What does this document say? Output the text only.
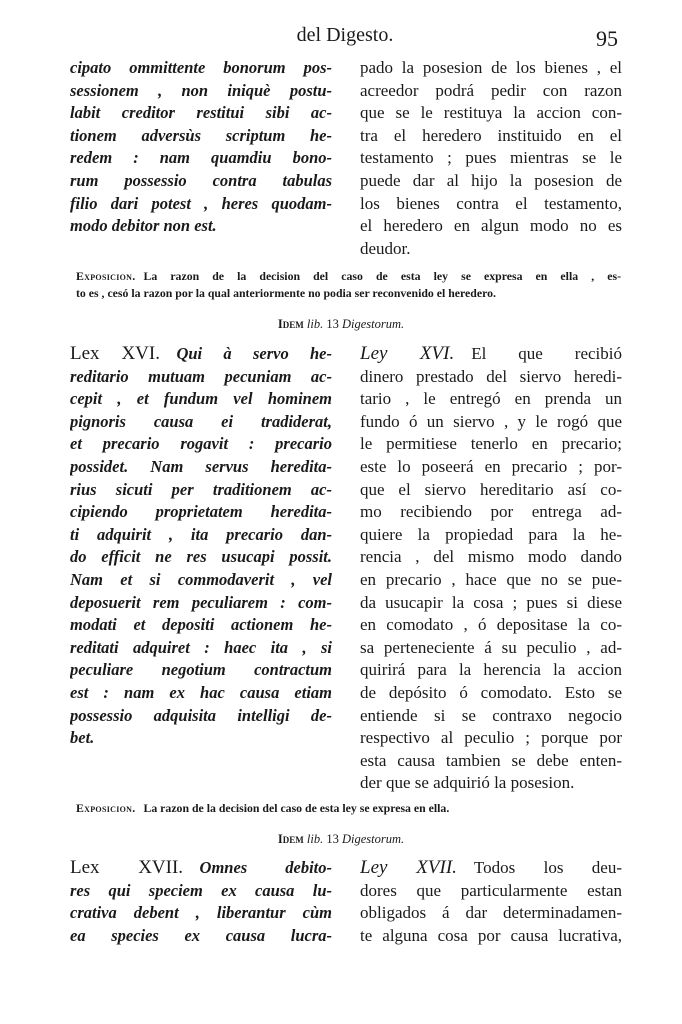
del Digesto.	95
cipato ommittente bonorum pos-
sessionem , non iniquè postu-
labit creditor restitui sibi ac-
tionem adversùs scriptum he-
redem : nam quamdiu bono-
rum possessio contra tabulas
filio dari potest , heres quodam-
modo debitor non est.
pado la posesion de los bienes , el
acreedor podrá pedir con razon
que se le restituya la accion con-
tra el heredero instituido en el
testamento ; pues mientras se le
puede dar al hijo la posesion de
los bienes contra el testamento,
el heredero en algun modo no es
deudor.
Exposicion. La razon de la decision del caso de esta ley se expresa en ella , es-
to es , cesó la razon por la qual anteriormente no podia ser reconvenido el heredero.
Idem lib. 13 Digestorum.
Lex XVI.  Qui à servo he-
reditario mutuam pecuniam ac-
cepit , et fundum vel hominem
pignoris causa ei tradiderat,
et precario rogavit : precario
possidet. Nam servus heredita-
rius sicuti per traditionem ac-
cipiendo proprietatem heredita-
ti adquirit , ita precario dan-
do efficit ne res usucapi possit.
Nam et si commodaverit , vel
deposuerit rem peculiarem : com-
modati et depositi actionem he-
reditati adquiret : haec ita , si
peculiare negotium contractum
est : nam ex hac causa etiam
possessio adquisita intelligi de-
bet.
Ley XVI.  El que recibió
dinero prestado del siervo heredi-
tario , le entregó en prenda un
fundo ó un siervo , y le rogó que
le permitiese tenerlo en precario;
este lo poseerá en precario ; por-
que el siervo hereditario así co-
mo recibiendo por entrega ad-
quiere la propiedad para la he-
rencia , del mismo modo dando
en precario , hace que no se pue-
da usucapir la cosa ; pues si diese
en comodato , ó depositase la co-
sa perteneciente á su peculio , ad-
quirirá para la herencia la accion
de depósito ó comodato. Esto se
entiende si se contraxo negocio
respectivo al peculio ; porque por
esta causa tambien se debe enten-
der que se adquirió la posesion.
Exposicion. La razon de la decision del caso de esta ley se expresa en ella.
Idem lib. 13 Digestorum.
Lex XVII.  Omnes debito-
res qui speciem ex causa lu-
crativa debent , liberantur cùm
ea species ex causa lucra-
Ley XVII.  Todos los deu-
dores que particularmente estan
obligados á dar determinadamen-
te alguna cosa por causa lucrativa,
